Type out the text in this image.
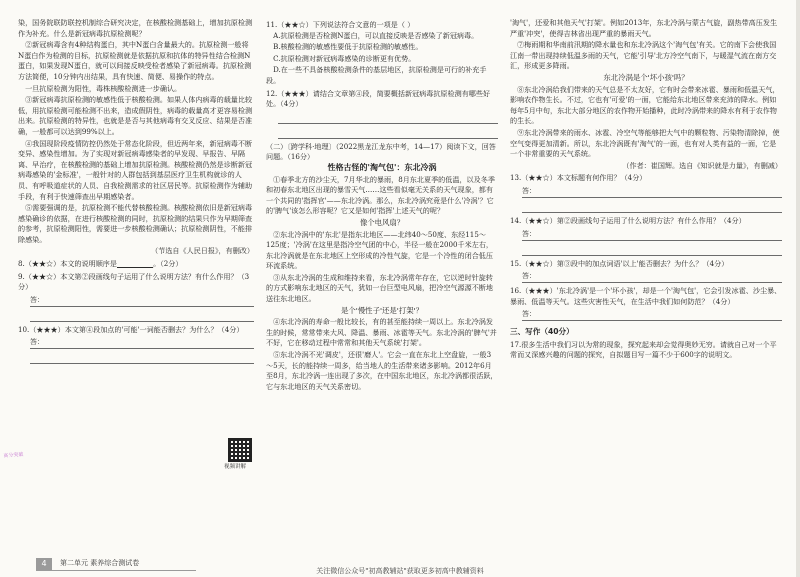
染，国务院联防联控机制综合研究决定，在核酸检测基础上，增加抗原检测作为补充。什么是新冠病毒抗原检测呢？

②新冠病毒含有4种结构蛋白，其中N蛋白含量最大的。抗原检测一般将N蛋白作为检测的目标，抗原检测就是依据抗原和抗体的特异性结合检测N蛋白，如果发现N蛋白，就可以间接反映受检者感染了新冠病毒。抗原检测方法简便，10分钟内出结果，具有快速、简便、易操作的特点。

一旦抗原检测为阳性，毒株核酸检测进一步确认。

③新冠病毒抗原检测的敏感性低于核酸检测。如果人体内病毒的载量比较低，用抗原检测可能检测不出来，造成假阴性，病毒的载量高才更容易检测出来。抗原检测的特异性，也就是是否与其他病毒有交叉反应、结果是否准确，一般都可以达到99%以上。

④我国现阶段疫情防控仍然处于常态化阶段，但近两年来，新冠病毒不断变异、感染性增加。为了实现对新冠病毒感染者的早发现、早报告、早隔离、早治疗，在核酸检测的基础上增加抗原检测。核酸检测仍然是诊断新冠病毒感染的'金标准'，一般针对的人群包括到基层医疗卫生机构就诊的人员、有呼吸道症状的人员、自我检测需求的社区居民等。抗原检测作为辅助手段，有利于快速筛查出早期感染者。

⑤需要强调的是，抗原检测不能代替核酸检测。核酸检测依旧是新冠病毒感染确诊的依据，在进行核酸检测的同时，抗原检测的结果只作为早期筛查的参考，抗原检测阳性，需要进一步核酸检测确认；抗原检测阴性，不能排除感染。

（节选自《人民日报》，有删改）

8.（★★☆）本文的说明顺序是	。（2分）

9.（★★☆）本文第②段画线句子运用了什么说明方法？有什么作用？（3分）

答：

10.（★★★）本文第④段加点的'可能'一词能否删去？为什么？（4分）

答：
视频讲解
高分突破

11.（★★☆）下列说法符合文意的一项是（ ）

A.抗原检测是否检测N蛋白，可以直接反映是否感染了新冠病毒。

B.核酸检测的敏感性要低于抗原检测的敏感性。

C.抗原检测对新冠病毒感染的诊断更有优势。

D.在一些不具备核酸检测条件的基层地区，抗原检测是可行的补充手段。

12.（★★★）请结合文章第④段，简要概括新冠病毒抗原检测有哪些好处。（4分）

（二）〔跨学科·地理〕（2022黑龙江龙东中考，14—17）阅读下文，回答问题。（16分）

性格古怪的'淘气包'：东北冷涡

①春季北方的沙尘天，7月华北的暴雨，8月东北夏季的低温，以及冬季和初春东北地区出现的暴雪天气……这些看似毫无关系的天气现象，都有一个共同的'指挥官'——东北冷涡。那么，东北冷涡究竟是什么'冷涡'？它的'脾气'该怎么形容呢？它又是如何'指挥'上述天气的呢？

像个电风扇？

②东北冷涡中的'东北'是指东北地区——北纬40～50度、东经115～125度；'冷涡'在这里是指冷空气团的中心，半径一般在2000千米左右，东北冷涡就是在东北地区上空形成的冷性气旋，它是一个冷性的闭合低压环流系统。

③从东北冷涡的生成和维持来看，东北冷涡常年存在，它以逆时针旋转的方式影响东北地区的天气，犹如一台巨型电风扇，把冷空气源源不断地送往东北地区。

是个'慢性子'还是'打架'？

④东北冷涡的寿命一般比较长，有的甚至能持续一周以上。东北冷涡发生的时候，常常带来大风、降温、暴雨、冰雹等天气。东北冷涡的'脾气'并不好，它在移动过程中常常和其他天气系统'打架'。

⑤东北冷涡不光'调皮'，还很'磨人'。它会一直在东北上空盘旋，一般3～5天，长的能持续一周多，给当地人的生活带来诸多影响。2012年6月至8月，东北冷涡一连出现了多次，在中国东北地区，东北冷涡都很活跃，它与东北地区的天气关系密切。

'淘气'，还爱和其他天气'打架'。例如2013年，东北冷涡与蒙古气旋，副热带高压发生严重'冲突'，使得吉林省出现严重的暴雨天气。

⑦梅雨期和华南前汛期的降水量也和东北冷涡这个'淘气包'有关。它的南下会使我国江南一带出现持续低温多雨的天气，它能'引导'北方冷空气南下，与暖湿气流在南方交汇，形成更多降雨。

东北冷涡是个'坏小孩'吗？

⑧东北冷涡给我们带来的天气总是不太友好，它有时会带来冰雹、暴雨和低温天气，影响农作物生长。不过，它也有'可爱'的一面，它能给东北地区带来充沛的降水。例如每年5月中旬，东北大部分地区的农作物开始播种，此时冷涡带来的降水有利于农作物的生长。

⑨东北冷涡带来的雨水、冰雹、冷空气等能够把大气中的颗粒物、污染物清除掉，使空气变得更加清新。所以，东北冷涡既有'淘气'的一面，也有对人类有益的一面，它是一个非常重要的天气系统。

（作者：崔国辉。选自《知识就是力量》，有删减）

13.（★★☆）本文标题有何作用？（4分）

答：

14.（★★☆）第②段画线句子运用了什么说明方法？有什么作用？（4分）

答：

15.（★★☆）第③段中的加点词语'以上'能否删去？为什么？（4分）

答：

16.（★★★）'东北冷涡'是一个'坏小孩'，却是一个'淘气包'，它会引发冰雹、沙尘暴、暴雨、低温等天气。这些灾害性天气，在生活中我们如何防范？（4分）

答：

三、写作（40分）

17.很多生活中我们习以为常的现象，探究起来却会觉得奥妙无穷。请就自己对一个平常而又深感兴趣的问题的探究，自拟题目写一篇不少于600字的说明文。

4	第二单元 素养综合测试卷
关注微信公众号"初高教辅站"获取更多初高中教辅资料
